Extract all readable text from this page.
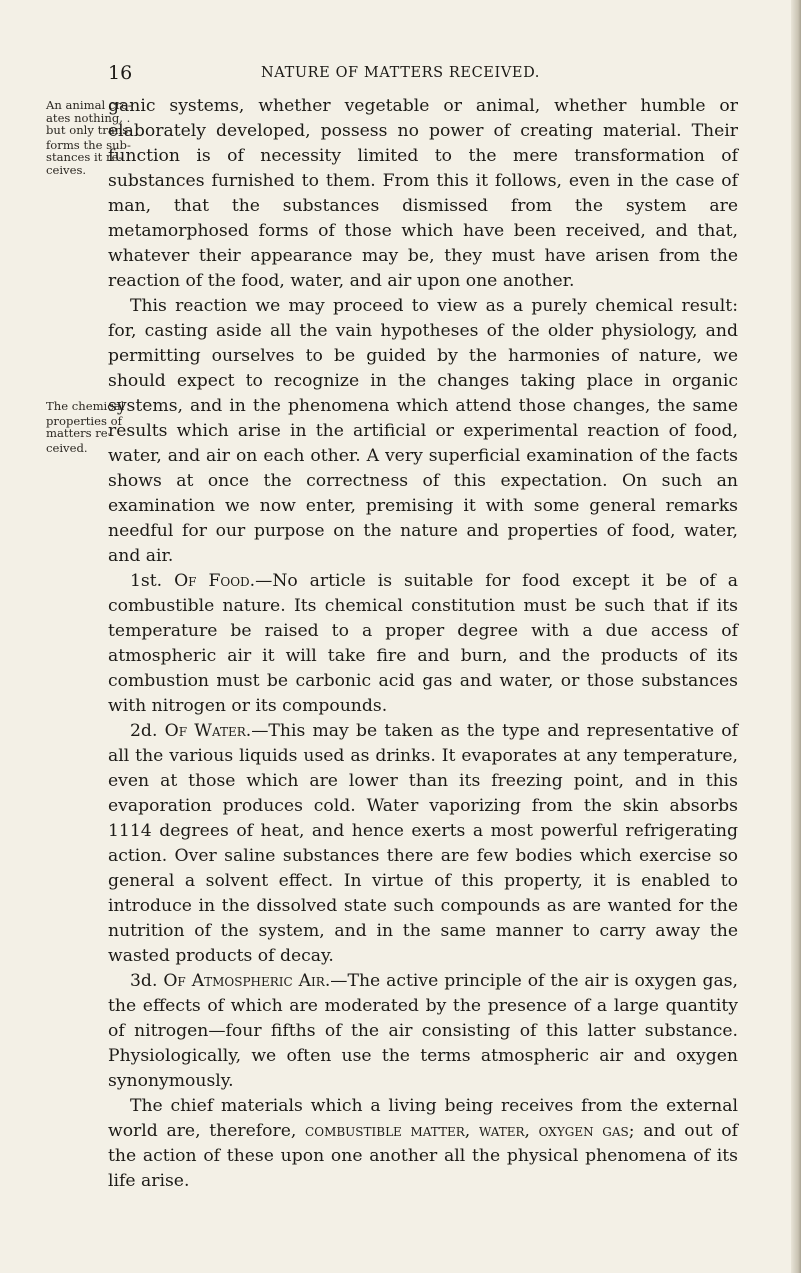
16	NATURE OF MATTERS RECEIVED.
An animal cre-
ates nothing, .
but only trans-
forms the sub-
stances it re-
ceives.
The chemical
properties of
matters re-
ceived.

ganic systems, whether vegetable or animal, whether humble or elaborately developed, possess no power of creating material. Their function is of necessity limited to the mere transformation of substances furnished to them. From this it follows, even in the case of man, that the substances dismissed from the system are metamorphosed forms of those which have been received, and that, whatever their appearance may be, they must have arisen from the reaction of the food, water, and air upon one another.

This reaction we may proceed to view as a purely chemical result: for, casting aside all the vain hypotheses of the older physiology, and permitting ourselves to be guided by the harmonies of nature, we should expect to recognize in the changes taking place in organic systems, and in the phenomena which attend those changes, the same results which arise in the artificial or experimental reaction of food, water, and air on each other. A very superficial examination of the facts shows at once the correctness of this expectation. On such an examination we now enter, premising it with some general remarks needful for our purpose on the nature and properties of food, water, and air.

1st. Of Food.—No article is suitable for food except it be of a combustible nature. Its chemical constitution must be such that if its temperature be raised to a proper degree with a due access of atmospheric air it will take fire and burn, and the products of its combustion must be carbonic acid gas and water, or those substances with nitrogen or its compounds.

2d. Of Water.—This may be taken as the type and representative of all the various liquids used as drinks. It evaporates at any temperature, even at those which are lower than its freezing point, and in this evaporation produces cold. Water vaporizing from the skin absorbs 1114 degrees of heat, and hence exerts a most powerful refrigerating action. Over saline substances there are few bodies which exercise so general a solvent effect. In virtue of this property, it is enabled to introduce in the dissolved state such compounds as are wanted for the nutrition of the system, and in the same manner to carry away the wasted products of decay.

3d. Of Atmospheric Air.—The active principle of the air is oxygen gas, the effects of which are moderated by the presence of a large quantity of nitrogen—four fifths of the air consisting of this latter substance. Physiologically, we often use the terms atmospheric air and oxygen synonymously.

The chief materials which a living being receives from the external world are, therefore, combustible matter, water, oxygen gas; and out of the action of these upon one another all the physical phenomena of its life arise.
